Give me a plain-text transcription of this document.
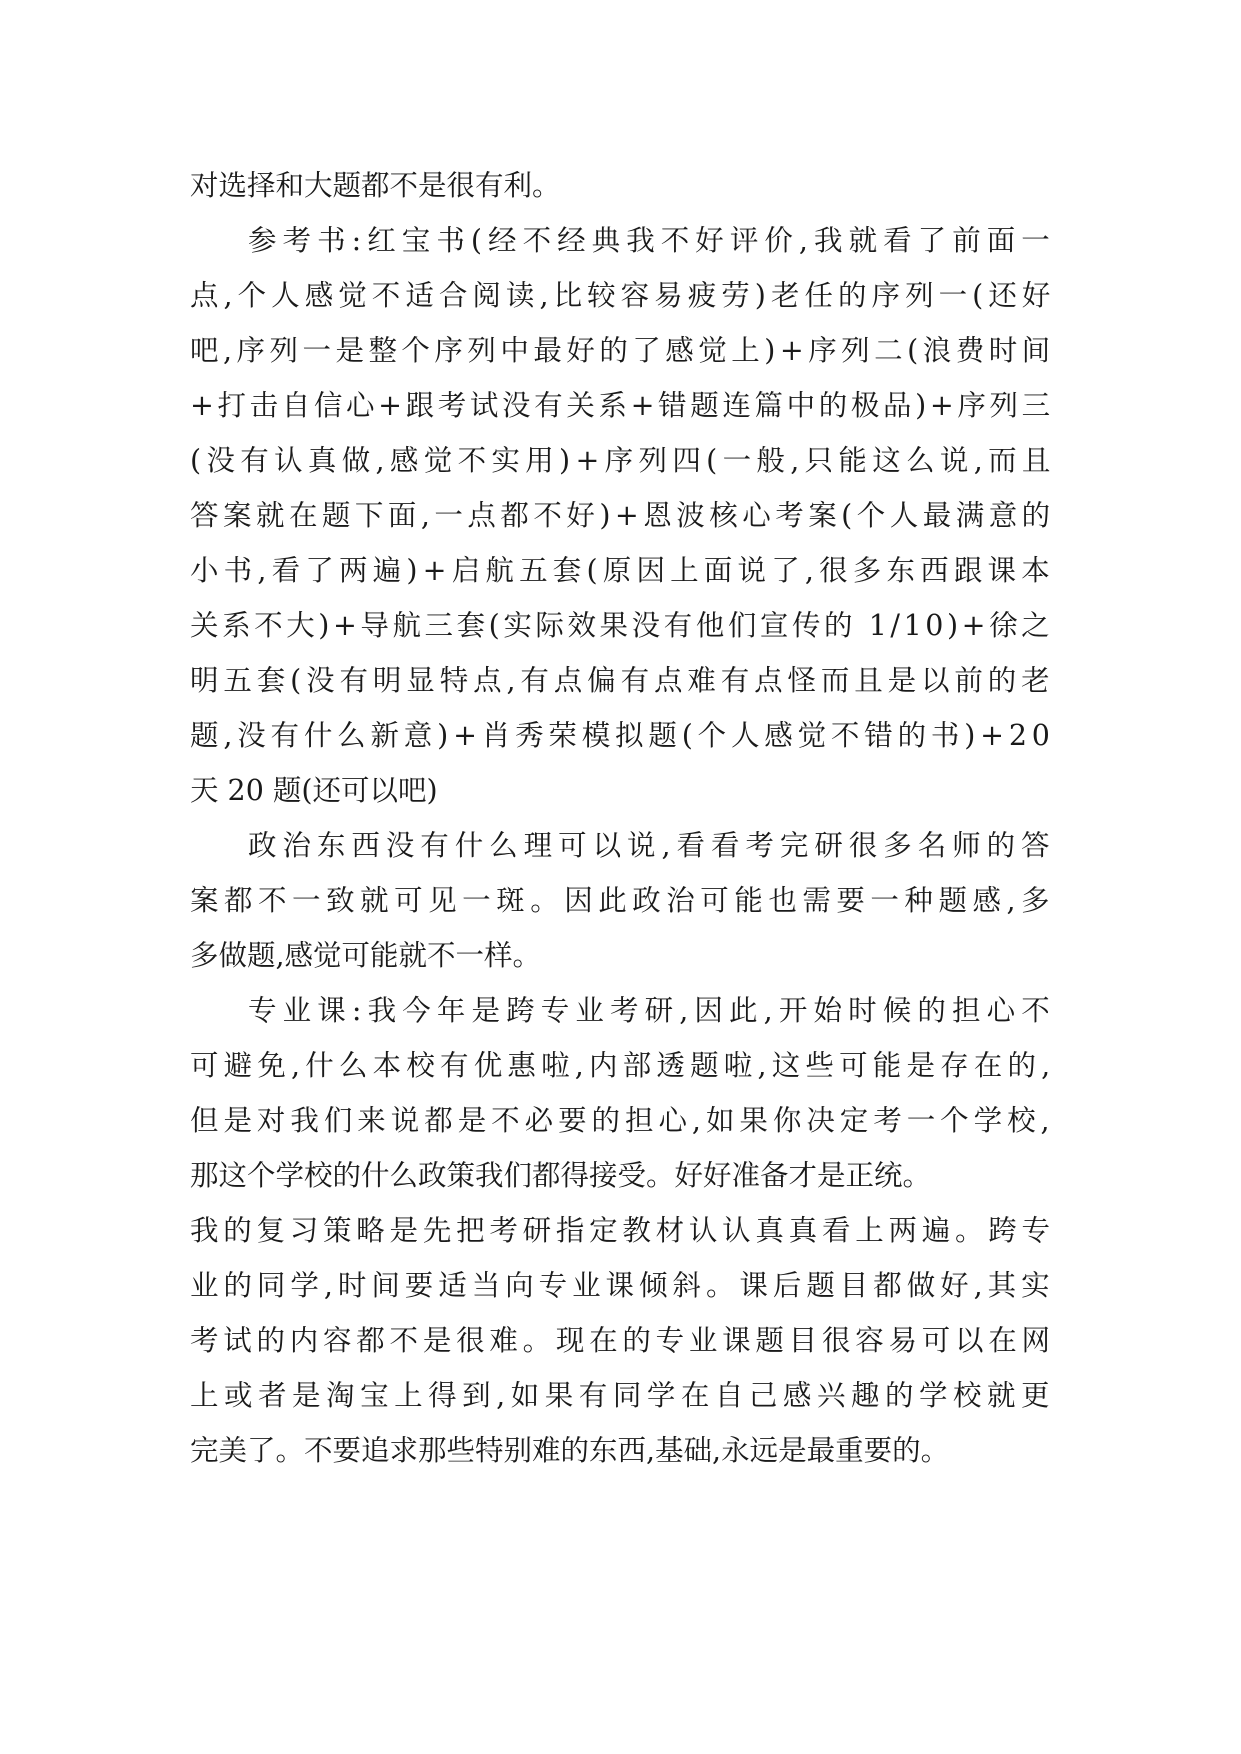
对选择和大题都不是很有利。
参考书:红宝书(经不经典我不好评价,我就看了前面一
点,个人感觉不适合阅读,比较容易疲劳)老任的序列一(还好
吧,序列一是整个序列中最好的了感觉上)+序列二(浪费时间
+打击自信心+跟考试没有关系+错题连篇中的极品)+序列三
(没有认真做,感觉不实用)+序列四(一般,只能这么说,而且
答案就在题下面,一点都不好)+恩波核心考案(个人最满意的
小书,看了两遍)+启航五套(原因上面说了,很多东西跟课本
关系不大)+导航三套(实际效果没有他们宣传的 1/10)+徐之
明五套(没有明显特点,有点偏有点难有点怪而且是以前的老
题,没有什么新意)+肖秀荣模拟题(个人感觉不错的书)+20
天 20 题(还可以吧)
政治东西没有什么理可以说,看看考完研很多名师的答
案都不一致就可见一斑。因此政治可能也需要一种题感,多
多做题,感觉可能就不一样。
专业课:我今年是跨专业考研,因此,开始时候的担心不
可避免,什么本校有优惠啦,内部透题啦,这些可能是存在的,
但是对我们来说都是不必要的担心,如果你决定考一个学校,
那这个学校的什么政策我们都得接受。好好准备才是正统。
我的复习策略是先把考研指定教材认认真真看上两遍。跨专
业的同学,时间要适当向专业课倾斜。课后题目都做好,其实
考试的内容都不是很难。现在的专业课题目很容易可以在网
上或者是淘宝上得到,如果有同学在自己感兴趣的学校就更
完美了。不要追求那些特别难的东西,基础,永远是最重要的。
